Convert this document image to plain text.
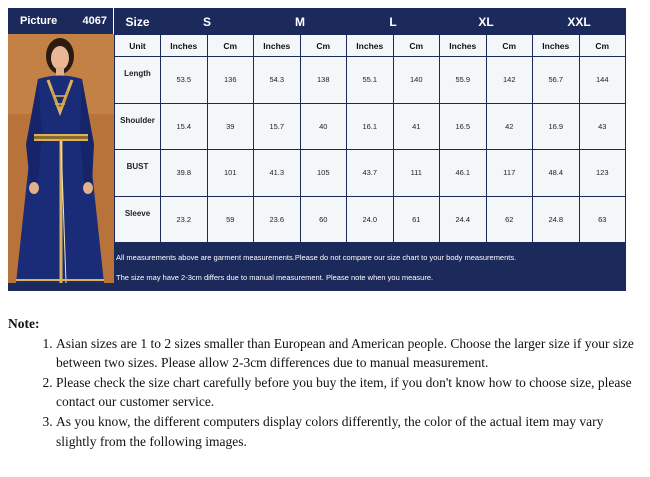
Picture 4067 Size	S		M		L		XL		XXL	
Unit	Inches	Cm	Inches	Cm	Inches	Cm	Inches	Cm	Inches	Cm
Length	53.5	136	54.3	138	55.1	140	55.9	142	56.7	144
Shoulder	15.4	39	15.7	40	16.1	41	16.5	42	16.9	43
BUST	39.8	101	41.3	105	43.7	111	46.1	117	48.4	123
Sleeve	23.2	59	23.6	60	24.0	61	24.4	62	24.8	63
All measurements above are garment measurements.Please do not compare our size chart to your body measurements.
The size may have 2-3cm differs due to manual measurement. Please note when you measure.
Note:
1. Asian sizes are 1 to 2 sizes smaller than European and American people. Choose the larger size if your size between two sizes. Please allow 2-3cm differences due to manual measurement.
2. Please check the size chart carefully before you buy the item, if you don't know how to choose size, please contact our customer service.
3. As you know, the different computers display colors differently, the color of the actual item may vary slightly from the following images.
